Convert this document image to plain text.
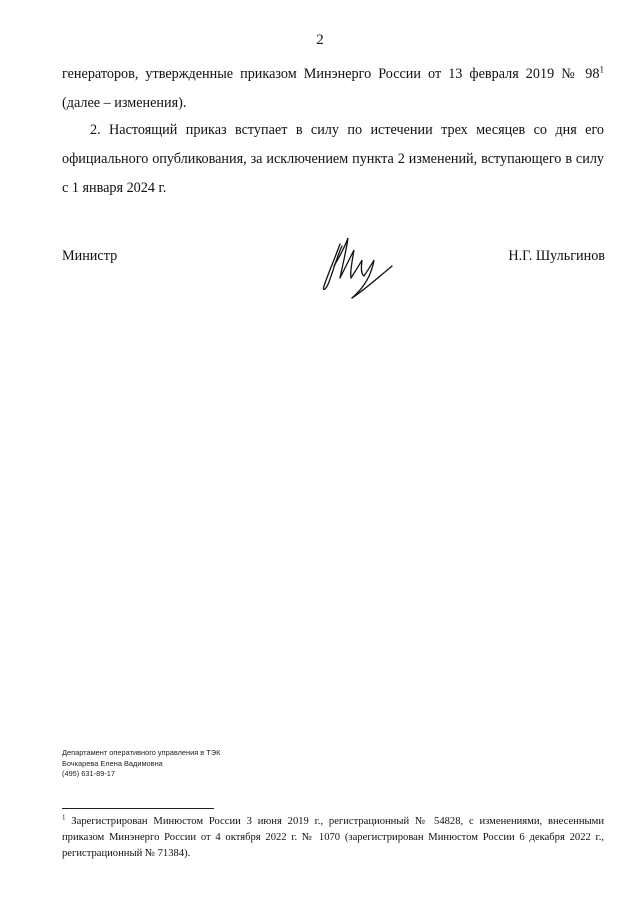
2
генераторов, утвержденные приказом Минэнерго России от 13 февраля 2019 № $98^1$ (далее – изменения).
2. Настоящий приказ вступает в силу по истечении трех месяцев со дня его официального опубликования, за исключением пункта 2 изменений, вступающего в силу с 1 января 2024 г.
Министр	Н.Г. Шульгинов
Департамент оперативного управления в ТЭК
Бочкарева Елена Вадимовна
(495) 631-89-17
$^1$ Зарегистрирован Минюстом России 3 июня 2019 г., регистрационный № 54828, с изменениями, внесенными приказом Минэнерго России от 4 октября 2022 г. № 1070 (зарегистрирован Минюстом России 6 декабря 2022 г., регистрационный № 71384).
